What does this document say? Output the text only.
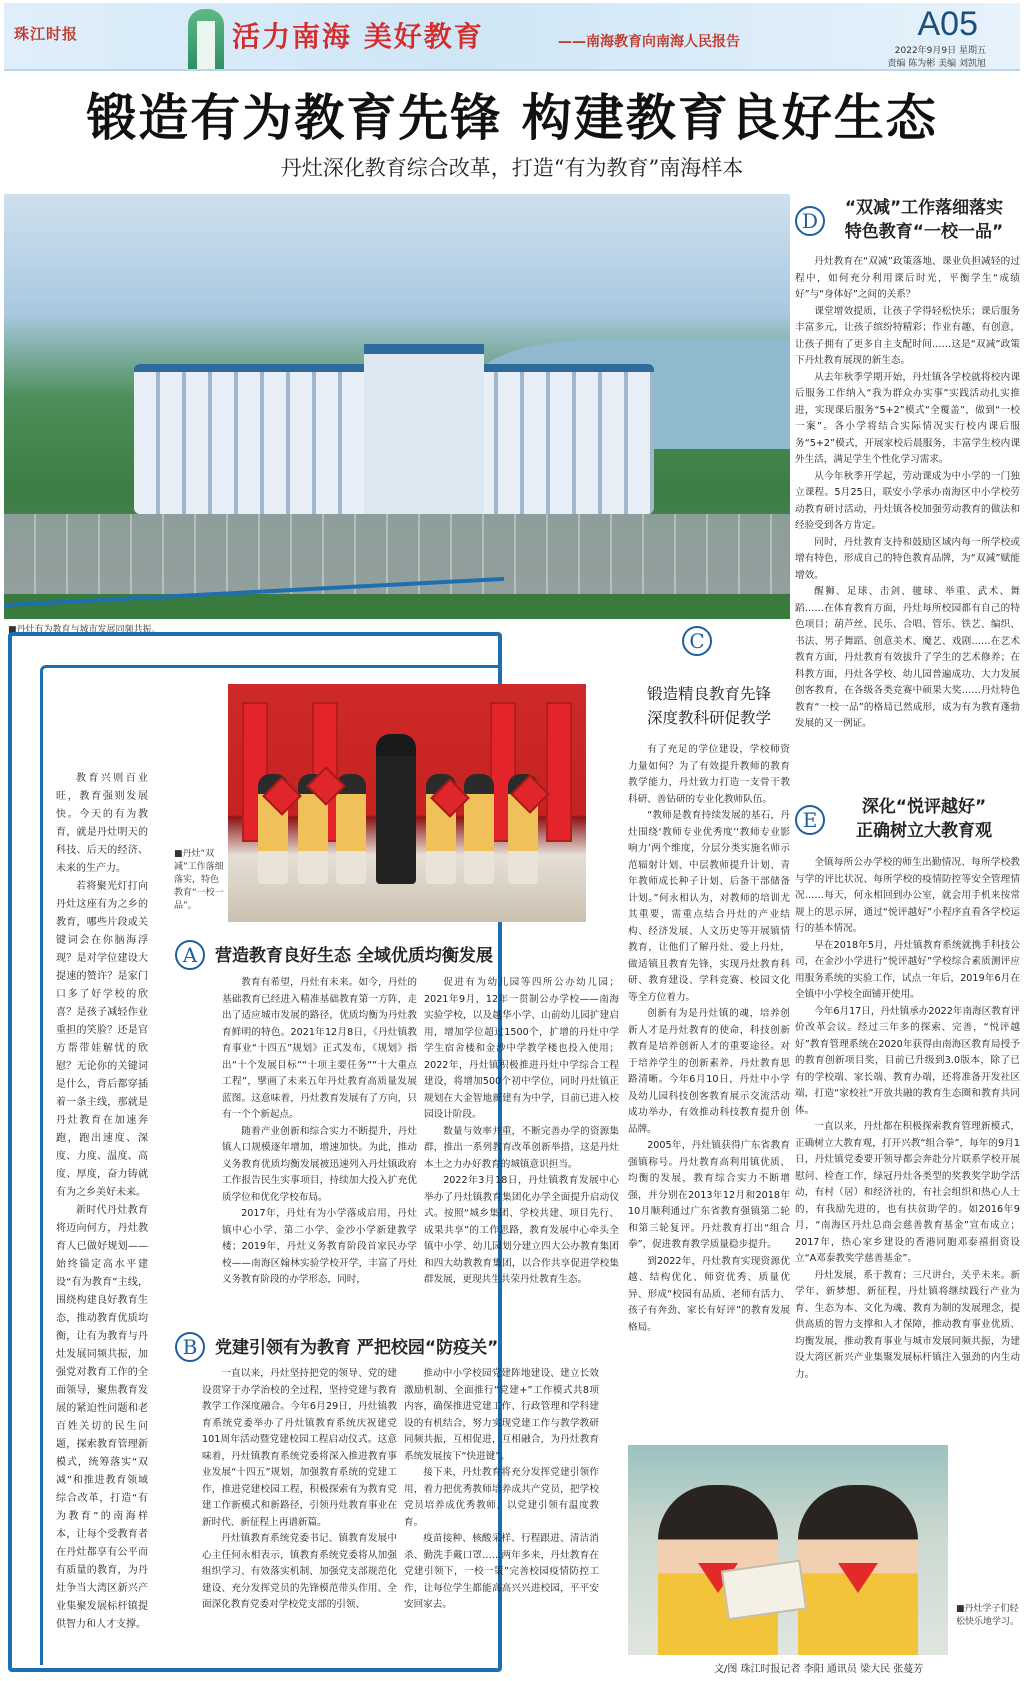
珠江时报	活力南海 美好教育	——南海教育向南海人民报告	A05
2022年9月9日 星期五
责编 陈为彬 美编 刘凯旭
锻造有为教育先锋 构建教育良好生态
丹灶深化教育综合改革，打造“有为教育”南海样本
■丹灶有为教育与城市发展同频共振。
D
“双减”工作落细落实
特色教育“一校一品”

丹灶教育在“双减”政策落地、课业负担减轻的过程中，如何充分利用课后时光，平衡学生“成绩好”与“身体好”之间的关系？

课堂增效提质，让孩子学得轻松快乐；课后服务丰富多元，让孩子缤纷特精彩；作业有趣、有创意，让孩子拥有了更多自主支配时间……这是“双减”政策下丹灶教育展现的新生态。

从去年秋季学期开始，丹灶镇各学校就将校内课后服务工作纳入“我为群众办实事”实践活动扎实推进，实现课后服务“5+2”模式“全覆盖”，做到“一校一案”。各小学将结合实际情况实行校内课后服务“5+2”模式，开展家校后晨服务，丰富学生校内课外生活，满足学生个性化学习需求。

从今年秋季开学起，劳动课成为中小学的一门独立课程。5月25日，联安小学承办南海区中小学校劳动教育研讨活动，丹灶镇各校加强劳动教育的做法和经验受到各方肯定。

同时，丹灶教育支持和鼓励区域内每一所学校或增有特色，形成自己的特色教育品牌，为“双减”赋能增效。

醒狮、足球、击剑、毽球、举重、武术、舞蹈……在体育教育方面，丹灶每所校园都有自己的特色项目；葫芦丝、民乐、合唱、管乐、铁艺、编织、书法、男子舞蹈、创意美术、魔艺、戏剧……在艺术教育方面，丹灶教育有效拔升了学生的艺术修养；在科教方面，丹灶各学校、幼儿园普遍成功、大力发展创客教育，在各级各类竞赛中硕果大奖……丹灶特色教育“一校一品”的格局已然成形，成为有为教育蓬勃发展的又一例证。

E
深化“悦评越好”
正确树立大教育观

全镇每所公办学校的师生出勤情况、每所学校教与学的评比状况、每所学校的疫情防控等安全管理情况……每天，何永相回到办公室，就会用手机来按常规上的思示屏，通过“悦评越好”小程序直看各学校运行的基本情况。

早在2018年5月，丹灶镇教育系统就携手科技公司，在金沙小学进行“悦评越好”学校综合素质测评应用服务系统的实验工作，试点一年后，2019年6月在全镇中小学校全面铺开使用。

今年6月17日，丹灶镇承办2022年南海区教育评价改革会议。经过三年多的探索、完善，“悦评越好”教育管理系统在2020年获得由南海区教育局授予的教育创新项目奖，目前已升级到3.0版本，除了已有的学校端、家长端、教育办端，还将准备开发社区端，打造“家校社”开放共融的教育生态圈和教育共同体。

一直以来，丹灶都在积极探索教育管理新模式，正确树立大教育观，打开兴教“组合拳”，每年的9月1日，丹灶镇党委要开领导都会奔赴分片联系学校开展慰问、检查工作，绿冠丹灶各类型的奖教奖学助学活动，有村（居）和经济社的，有社会组织和热心人士的，有我励先进的，也有扶贫助学的。如2016年9月，“南海区丹灶总商会慈善教育基金”宣布成立；2017年，热心家乡建设的香港同胞邓泰禧捐资设立“A邓泰教奖学慈善基金”。

丹灶发展，系于教育；三尺讲台，关乎未来。新学年、新梦想、新征程，丹灶镇将继续践行产业为育、生态为本、文化为魂、教育为制的发展理念，提供高质的智力支撑和人才保障，推动教育事业优质、均衡发展，推动教育事业与城市发展同频共振，为建设大湾区新兴产业集聚发展标杆镇注入强劲的内生动力。

教育兴则百业旺，教育强则发展快。今天的有为教育，就是丹灶明天的科技、后天的经济、未来的生产力。

若将聚光灯打向丹灶这座有为之乡的教育，哪些片段或关键词会在你脑海浮现？是对学位建设大提速的赞许？是家门口多了好学校的欣喜？是孩子减轻作业重担的笑脸？还是官方帮带娃解忧的欣慰？无论你的关键词是什么，背后都穿插着一条主线，那就是丹灶教育在加速奔跑，跑出速度、深度、力度、温度、高度、厚度，奋力铸就有为之乡美好未来。

新时代丹灶教育将迈向何方，丹灶教育人已做好规划——始终锚定高水平建设“有为教育”主线，围绕构建良好教育生态，推动教育优质均衡，让有为教育与丹灶发展同频共振，加强党对教育工作的全面领导，聚焦教育发展的紧迫性问题和老百姓关切的民生问题，探索教育管理新模式，统筹落实“双减”和推进教育领域综合改革，打造“有为教育”的南海样本，让每个受教育者在丹灶都享有公平而有质量的教育，为丹灶争当大湾区新兴产业集聚发展标杆镇提供智力和人才支撑。

■丹灶“双减”工作落细落实，特色教育“一校一品”。
A	营造教育良好生态 全域优质均衡发展

教育有希望，丹灶有未来。如今，丹灶的基础教育已经进入精准基础教育第一方阵，走出了适应城市发展的路径，优质均衡为丹灶教育鲜明的特色。2021年12月8日，《丹灶镇教育事业“十四五”规划》正式发布，《规划》指出“十个发展目标”“十项主要任务”“十大重点工程”，擘画了未来五年丹灶教育高质量发展蓝图。这意味着，丹灶教育发展有了方向，只有一个个新起点。

随着产业创新和综合实力不断提升，丹灶镇人口规模逐年增加，增速加快。为此，推动义务教育优质均衡发展被迅速列入丹灶镇政府工作报告民生实事项目，持续加大投入扩充优质学位和优化学校布局。

2017年，丹灶有为小学落成启用，丹灶镇中心小学、第二小学、金沙小学新建教学楼；2019年，丹灶义务教育阶段首家民办学校——南海区翰林实验学校开学，丰富了丹灶义务教育阶段的办学形态，同时，

促进有为幼儿园等四所公办幼儿园；2021年9月，12年一贯制公办学校——南海实验学校，以及越华小学、山前幼儿园扩建启用，增加学位超过1500个，扩增的丹灶中学学生宿舍楼和金沙中学教学楼也投入使用；2022年，丹灶镇积极推进丹灶中学综合工程建设，将增加500个初中学位，同时丹灶镇正规划在大金智地新建有为中学，目前已进入校园设计阶段。

数量与效率并重，不断完善办学的资源集群，推出一系列教育改革创新举措，这是丹灶本土之力办好教育的城镇意识担当。

2022年3月18日，丹灶镇教育发展中心举办了丹灶镇教育集团化办学全面提升启动仪式。按照“城乡集团、学校共建、项目先行、成果共享”的工作思路，教育发展中心牵头全镇中小学、幼儿园划分建立四大公办教育集团和四大幼教教育集团，以合作共享促进学校集群发展，更现共生共荣丹灶教育生态。

B	党建引领有为教育 严把校园“防疫关”

一直以来，丹灶坚持把党的领导、党的建设贯穿于办学治校的全过程，坚持党建与教育教学工作深度融合。今年6月29日，丹灶镇教育系统党委举办了丹灶镇教育系统庆祝建党101周年活动暨党建校园工程启动仪式。这意味着，丹灶镇教育系统党委将深入推进教育事业发展“十四五”规划，加强教育系统的党建工作，推进党建校园工程，积极探索有为教育党建工作新模式和新路径，引领丹灶教育事业在新时代、新征程上再谱新篇。

丹灶镇教育系统党委书记、镇教育发展中心主任何永相表示，镇教育系统党委将从加强组织学习、有效落实机制、加强党支部规范化建设、充分发挥党员的先锋模范带头作用、全面深化教育党委对学校党支部的引领、

推动中小学校园党建阵地建设、建立长效激励机制、全面推行“党建+”工作模式共8项内容，确保推进党建工作、行政管理和学科建设的有机结合，努力实现党建工作与教学教研同频共振，互相促进，互相融合，为丹灶教育系统发展按下“快进键”。

接下来，丹灶教育将充分发挥党建引领作用，着力把优秀教师培养成共产党员，把学校党员培养成优秀教师，以党建引领有温度教育。

疫苗接种、核酸采样、行程跟进、清洁消杀、勤洗手戴口罩……两年多来，丹灶教育在党建引领下，一校一策”完善校园疫情防控工作，让每位学生都能高高兴兴进校园，平平安安回家去。

C
锻造精良教育先锋
深度教科研促教学

有了充足的学位建设，学校师资力量如何？为了有效提升教师的教育教学能力，丹灶致力打造一支骨干教科研、善钻研的专业化教师队伍。

“教师是教育持续发展的基石，丹灶围绕‘教师专业优秀度’‘教师专业影响力’两个维度，分层分类实施名师示范辐射计划、中层教师提升计划、青年教师成长种子计划、后备干部储备计划。”何永相认为，对教师的培训尤其重要，需重点结合丹灶的产业结构、经济发展、人文历史等开展镇情教育，让他们了解丹灶、爱上丹灶，做适镇且教育先锋，实现丹灶教育科研、教育建设、学科竞赛、校园文化等全方位着力。

创新有为是丹灶镇的魂，培养创新人才是丹灶教育的使命，科技创新教育是培养创新人才的重要途径。对于培养学生的创新素养，丹灶教育思路清晰。今年6月10日，丹灶中小学及幼儿园科技创客教育展示交流活动成功举办，有效推动科技教育提升创品牌。

2005年，丹灶镇获得广东省教育强镇称号。丹灶教育高利用镇优质、均衡的发展，教育综合实力不断增强，并分别在2013年12月和2018年10月顺利通过广东省教育强镇第二轮和第三轮复评。丹灶教育打出“组合拳”，促进教育教学质量稳步提升。

到2022年，丹灶教育实现资源优越、结构优化、师资优秀、质量优异、形成“校园有品质、老师有活力、孩子有奔劲、家长有好评”的教育发展格局。

■丹灶学子们轻松快乐地学习。
文/图 珠江时报记者 李阳 通讯员 梁大民 张蔓芳
